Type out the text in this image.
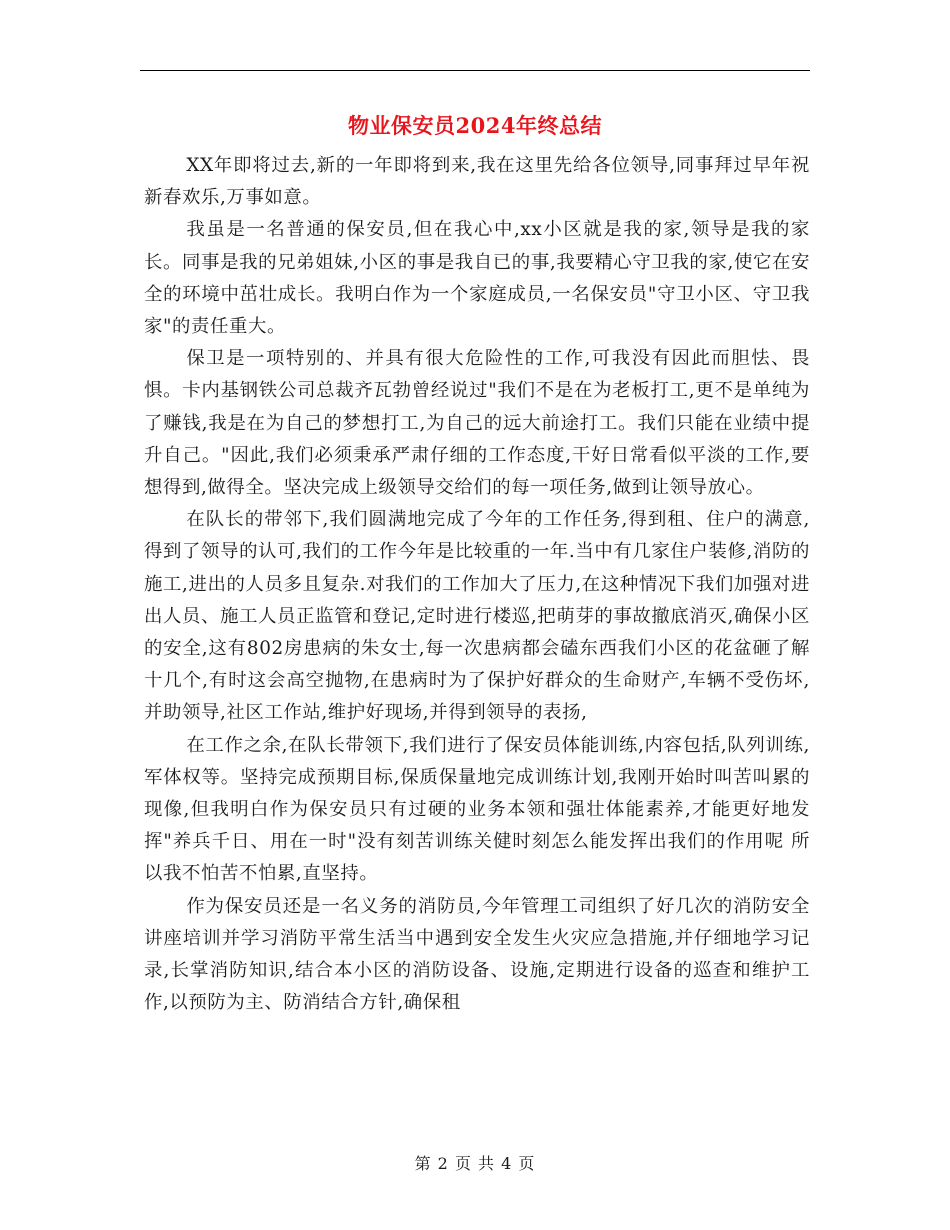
物业保安员2024年终总结

XX年即将过去,新的一年即将到来,我在这里先给各位领导,同事拜过早年祝新春欢乐,万事如意。

我虽是一名普通的保安员,但在我心中,xx小区就是我的家,领导是我的家长。同事是我的兄弟姐妹,小区的事是我自已的事,我要精心守卫我的家,使它在安全的环境中茁壮成长。我明白作为一个家庭成员,一名保安员"守卫小区、守卫我家"的责任重大。

保卫是一项特别的、并具有很大危险性的工作,可我没有因此而胆怯、畏惧。卡内基钢铁公司总裁齐瓦勃曾经说过"我们不是在为老板打工,更不是单纯为了赚钱,我是在为自己的梦想打工,为自己的远大前途打工。我们只能在业绩中提升自己。"因此,我们必须秉承严肃仔细的工作态度,干好日常看似平淡的工作,要想得到,做得全。坚决完成上级领导交给们的每一项任务,做到让领导放心。

在队长的带邻下,我们圆满地完成了今年的工作任务,得到租、住户的满意,得到了领导的认可,我们的工作今年是比较重的一年.当中有几家住户装修,消防的施工,进出的人员多且复杂.对我们的工作加大了压力,在这种情况下我们加强对进出人员、施工人员正监管和登记,定时进行楼巡,把萌芽的事故撤底消灭,确保小区的安全,这有802房患病的朱女士,每一次患病都会磕东西我们小区的花盆砸了解十几个,有时这会高空抛物,在患病时为了保护好群众的生命财产,车辆不受伤坏,并助领导,社区工作站,维护好现场,并得到领导的表扬,

在工作之余,在队长带领下,我们进行了保安员体能训练,内容包括,队列训练,军体权等。坚持完成预期目标,保质保量地完成训练计划,我刚开始时叫苦叫累的现像,但我明白作为保安员只有过硬的业务本领和强壮体能素养,才能更好地发挥"养兵千日、用在一时"没有刻苦训练关健时刻怎么能发挥出我们的作用呢 所以我不怕苦不怕累,直坚持。

作为保安员还是一名义务的消防员,今年管理工司组织了好几次的消防安全讲座培训并学习消防平常生活当中遇到安全发生火灾应急措施,并仔细地学习记录,长掌消防知识,结合本小区的消防设备、设施,定期进行设备的巡查和维护工作,以预防为主、防消结合方针,确保租

第 2 页 共 4 页
